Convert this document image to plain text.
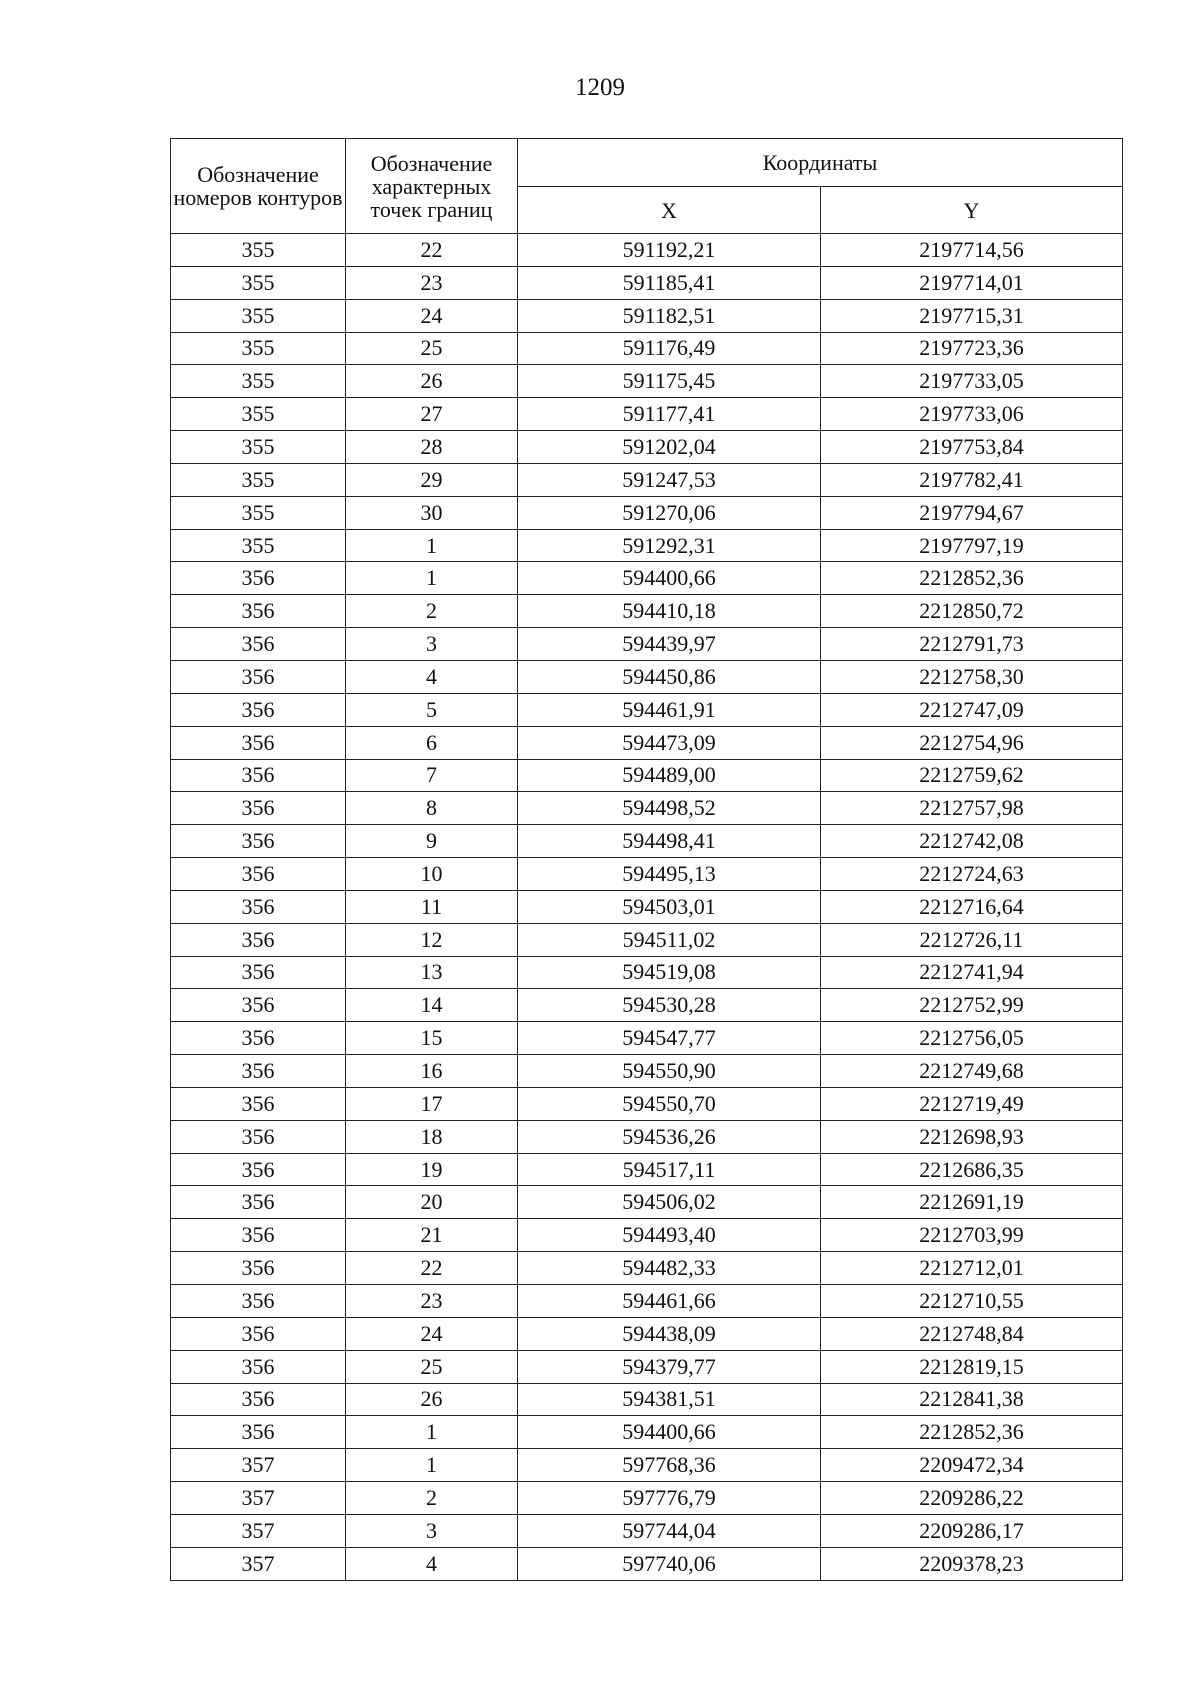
1209
Обозначение номеров контуров	Обозначение характерных точек границ	Координаты	
		X	Y
355	22	591192,21	2197714,56
355	23	591185,41	2197714,01
355	24	591182,51	2197715,31
355	25	591176,49	2197723,36
355	26	591175,45	2197733,05
355	27	591177,41	2197733,06
355	28	591202,04	2197753,84
355	29	591247,53	2197782,41
355	30	591270,06	2197794,67
355	1	591292,31	2197797,19
356	1	594400,66	2212852,36
356	2	594410,18	2212850,72
356	3	594439,97	2212791,73
356	4	594450,86	2212758,30
356	5	594461,91	2212747,09
356	6	594473,09	2212754,96
356	7	594489,00	2212759,62
356	8	594498,52	2212757,98
356	9	594498,41	2212742,08
356	10	594495,13	2212724,63
356	11	594503,01	2212716,64
356	12	594511,02	2212726,11
356	13	594519,08	2212741,94
356	14	594530,28	2212752,99
356	15	594547,77	2212756,05
356	16	594550,90	2212749,68
356	17	594550,70	2212719,49
356	18	594536,26	2212698,93
356	19	594517,11	2212686,35
356	20	594506,02	2212691,19
356	21	594493,40	2212703,99
356	22	594482,33	2212712,01
356	23	594461,66	2212710,55
356	24	594438,09	2212748,84
356	25	594379,77	2212819,15
356	26	594381,51	2212841,38
356	1	594400,66	2212852,36
357	1	597768,36	2209472,34
357	2	597776,79	2209286,22
357	3	597744,04	2209286,17
357	4	597740,06	2209378,23
